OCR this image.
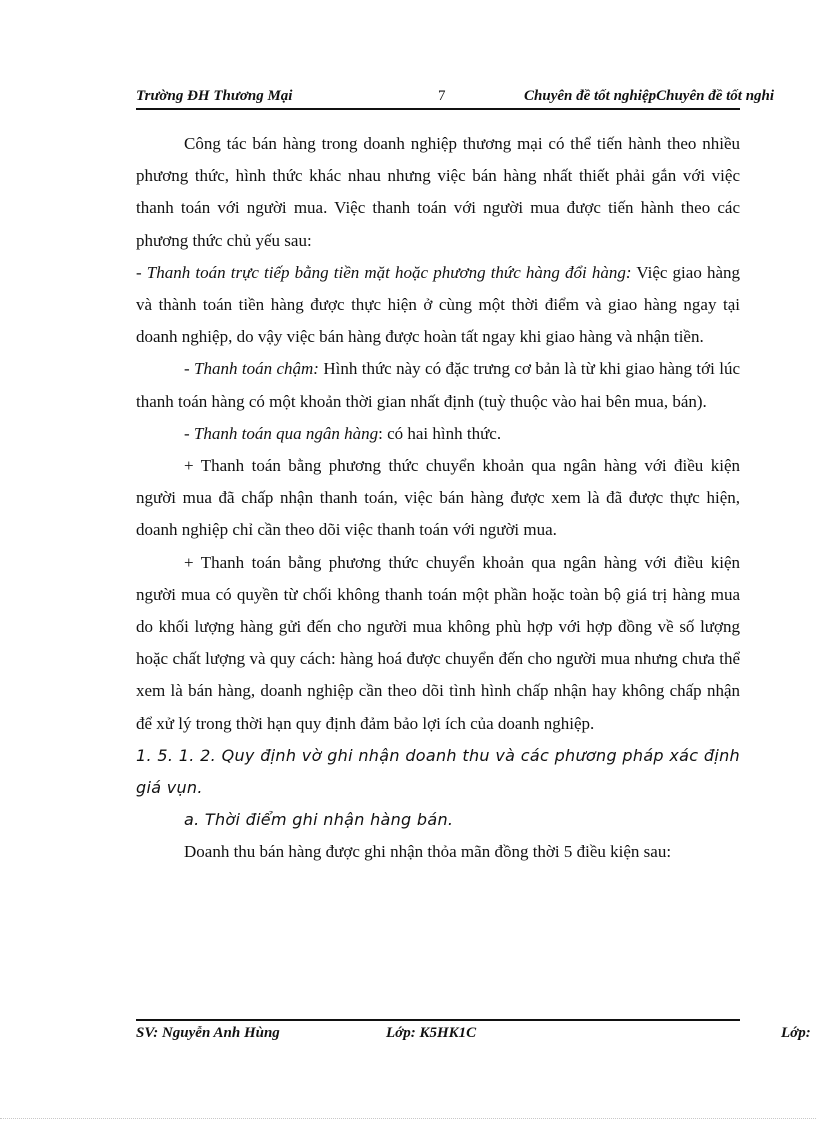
Trường ĐH Thương Mại	7	Chuyên đề tốt nghiệpChuyên đề tốt nghi

Công tác bán hàng trong doanh nghiệp thương mại có thể tiến hành theo nhiều phương thức, hình thức khác nhau nhưng việc bán hàng nhất thiết phải gắn với việc thanh toán với người mua. Việc thanh toán với người mua được tiến hành theo các phương thức chủ yếu sau:

- Thanh toán trực tiếp bằng tiền mặt hoặc phương thức hàng đổi hàng: Việc giao hàng và thành toán tiền hàng được thực hiện ở cùng một thời điểm và giao hàng ngay tại doanh nghiệp, do vậy việc bán hàng được hoàn tất ngay khi giao hàng và nhận tiền.

- Thanh toán chậm: Hình thức này có đặc trưng cơ bản là từ khi giao hàng tới lúc thanh toán hàng có một khoản thời gian nhất định (tuỳ thuộc vào hai bên mua, bán).

- Thanh toán qua ngân hàng: có hai hình thức.

+ Thanh toán bằng phương thức chuyển khoản qua ngân hàng với điều kiện người mua đã chấp nhận thanh toán, việc bán hàng được xem là đã được thực hiện, doanh nghiệp chỉ cần theo dõi việc thanh toán với người mua.

+ Thanh toán bằng phương thức chuyển khoản qua ngân hàng với điều kiện người mua có quyền từ chối không thanh toán một phần hoặc toàn bộ giá trị hàng mua do khối lượng hàng gửi đến cho người mua không phù hợp với hợp đồng về số lượng hoặc chất lượng và quy cách: hàng hoá được chuyển đến cho người mua nhưng chưa thể xem là bán hàng, doanh nghiệp cần theo dõi tình hình chấp nhận hay không chấp nhận để xử lý trong thời hạn quy định đảm bảo lợi ích của doanh nghiệp.

1. 5. 1. 2. Quy định vờ ghi nhận doanh thu và các phương pháp xác định giá vụn.

a. Thời điểm ghi nhận hàng bán.

Doanh thu bán hàng được ghi nhận thỏa mãn đồng thời 5 điều kiện sau:

SV: Nguyễn Anh Hùng	Lớp: K5HK1C	Lớp:
